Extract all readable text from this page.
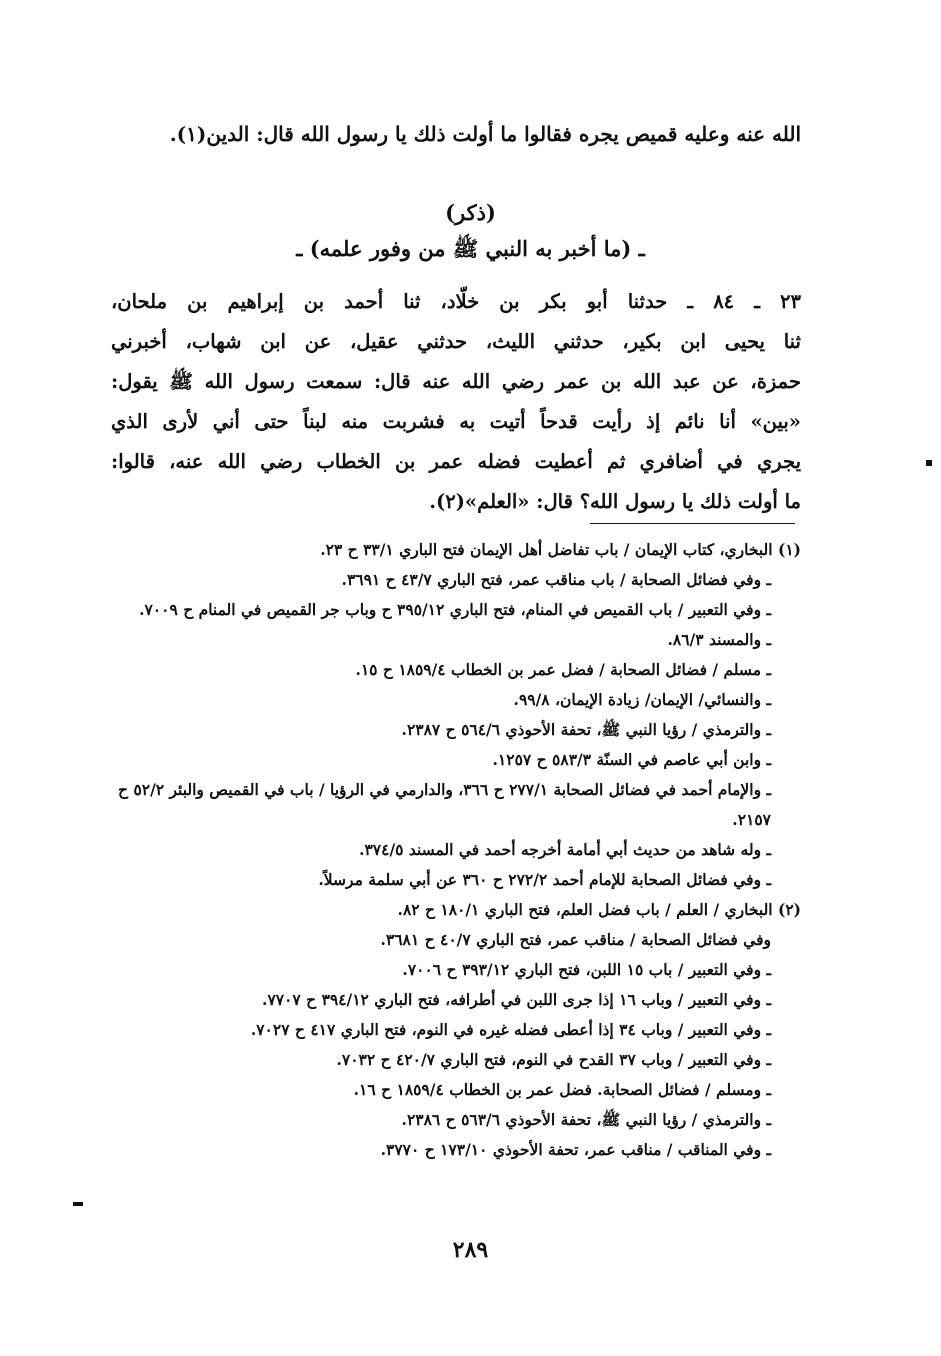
الله عنه وعليه قميص يجره فقالوا ما أولت ذلك يا رسول الله قال: الدين(١).
(ذكر)
ـ (ما أخبر به النبي ﷺ من وفور علمه) ـ
٢٣ ـ ٨٤ ـ حدثنا أبو بكر بن خلّاد، ثنا أحمد بن إبراهيم بن ملحان،
ثنا يحيى ابن بكير، حدثني الليث، حدثني عقيل، عن ابن شهاب، أخبرني
حمزة، عن عبد الله بن عمر رضي الله عنه قال: سمعت رسول الله ﷺ يقول:
«بين» أنا نائم إذ رأيت قدحاً أتيت به فشربت منه لبناً حتى أني لأرى الذي
يجري في أضافري ثم أعطيت فضله عمر بن الخطاب رضي الله عنه، قالوا:
ما أولت ذلك يا رسول الله؟ قال: «العلم»(٢).
(١) البخاري، كتاب الإيمان / باب تفاضل أهل الإيمان فتح الباري ٣٣/١ ح ٢٣.
ـ وفي فضائل الصحابة / باب مناقب عمر، فتح الباري ٤٣/٧ ح ٣٦٩١.
ـ وفي التعبير / باب القميص في المنام، فتح الباري ٣٩٥/١٢ ح وباب جر القميص في المنام ح ٧٠٠٩.
ـ والمسند ٨٦/٣.
ـ مسلم / فضائل الصحابة / فضل عمر بن الخطاب ١٨٥٩/٤ ح ١٥.
ـ والنسائي/ الإيمان/ زيادة الإيمان، ٩٩/٨.
ـ والترمذي / رؤيا النبي ﷺ، تحفة الأحوذي ٥٦٤/٦ ح ٢٣٨٧.
ـ وابن أبي عاصم في السنّة ٥٨٣/٣ ح ١٢٥٧.
ـ والإمام أحمد في فضائل الصحابة ٢٧٧/١ ح ٣٦٦، والدارمي في الرؤيا / باب في القميص والبئر ٥٢/٢ ح ٢١٥٧.
ـ وله شاهد من حديث أبي أمامة أخرجه أحمد في المسند ٣٧٤/٥.
ـ وفي فضائل الصحابة للإمام أحمد ٢٧٢/٢ ح ٣٦٠ عن أبي سلمة مرسلاً.
(٢) البخاري / العلم / باب فضل العلم، فتح الباري ١٨٠/١ ح ٨٢.
وفي فضائل الصحابة / مناقب عمر، فتح الباري ٤٠/٧ ح ٣٦٨١.
ـ وفي التعبير / باب ١٥ اللبن، فتح الباري ٣٩٣/١٢ ح ٧٠٠٦.
ـ وفي التعبير / وباب ١٦ إذا جرى اللبن في أطرافه، فتح الباري ٣٩٤/١٢ ح ٧٧٠٧.
ـ وفي التعبير / وباب ٣٤ إذا أعطى فضله غيره في النوم، فتح الباري ٤١٧ ح ٧٠٢٧.
ـ وفي التعبير / وباب ٣٧ القدح في النوم، فتح الباري ٤٢٠/٧ ح ٧٠٣٢.
ـ ومسلم / فضائل الصحابة. فضل عمر بن الخطاب ١٨٥٩/٤ ح ١٦.
ـ والترمذي / رؤيا النبي ﷺ، تحفة الأحوذي ٥٦٣/٦ ح ٢٣٨٦.
ـ وفي المناقب / مناقب عمر، تحفة الأحوذي ١٧٣/١٠ ح ٣٧٧٠.
٢٨٩
